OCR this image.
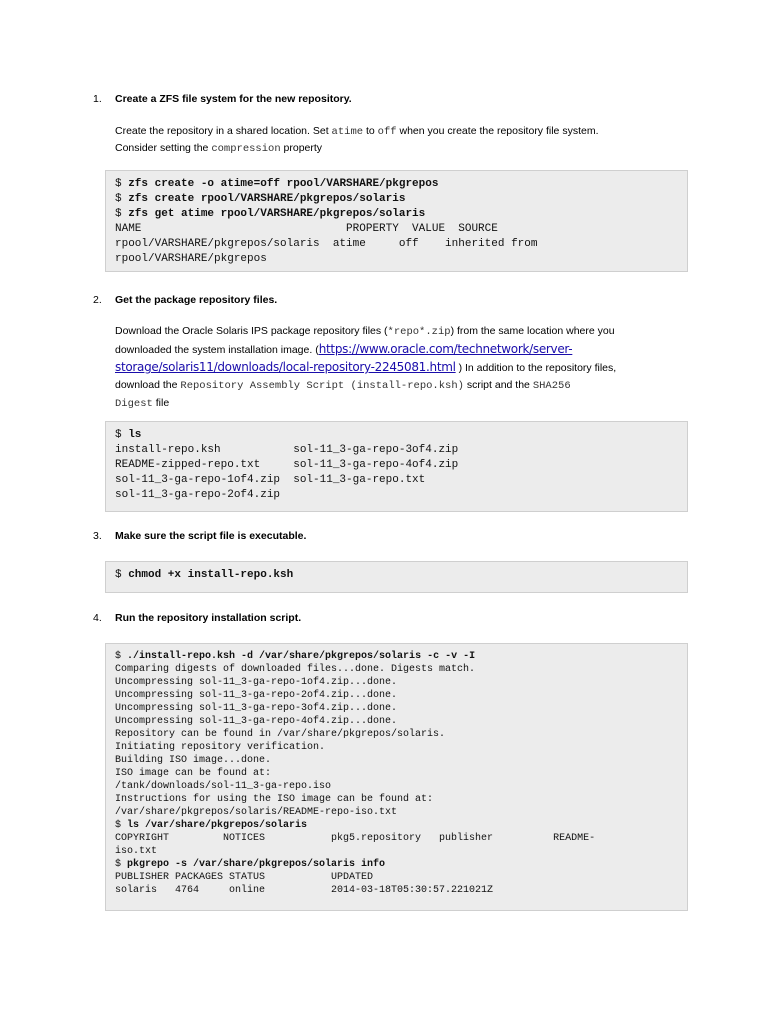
1. Create a ZFS file system for the new repository.
Create the repository in a shared location. Set atime to off when you create the repository file system.
Consider setting the compression property
$ zfs create -o atime=off rpool/VARSHARE/pkgrepos
$ zfs create rpool/VARSHARE/pkgrepos/solaris
$ zfs get atime rpool/VARSHARE/pkgrepos/solaris
NAME                               PROPERTY  VALUE  SOURCE
rpool/VARSHARE/pkgrepos/solaris  atime     off    inherited from
rpool/VARSHARE/pkgrepos
2. Get the package repository files.
Download the Oracle Solaris IPS package repository files (*repo*.zip) from the same location where you
downloaded the system installation image. (https://www.oracle.com/technetwork/server-
storage/solaris11/downloads/local-repository-2245081.html ) In addition to the repository files,
download the Repository Assembly Script (install-repo.ksh) script and the SHA256
Digest file
$ ls
install-repo.ksh           sol-11_3-ga-repo-3of4.zip
README-zipped-repo.txt     sol-11_3-ga-repo-4of4.zip
sol-11_3-ga-repo-1of4.zip  sol-11_3-ga-repo.txt
sol-11_3-ga-repo-2of4.zip
3. Make sure the script file is executable.
$ chmod +x install-repo.ksh
4. Run the repository installation script.
$ ./install-repo.ksh -d /var/share/pkgrepos/solaris -c -v -I
Comparing digests of downloaded files...done. Digests match.
Uncompressing sol-11_3-ga-repo-1of4.zip...done.
Uncompressing sol-11_3-ga-repo-2of4.zip...done.
Uncompressing sol-11_3-ga-repo-3of4.zip...done.
Uncompressing sol-11_3-ga-repo-4of4.zip...done.
Repository can be found in /var/share/pkgrepos/solaris.
Initiating repository verification.
Building ISO image...done.
ISO image can be found at:
/tank/downloads/sol-11_3-ga-repo.iso
Instructions for using the ISO image can be found at:
/var/share/pkgrepos/solaris/README-repo-iso.txt
$ ls /var/share/pkgrepos/solaris
COPYRIGHT         NOTICES           pkg5.repository   publisher          README-
iso.txt
$ pkgrepo -s /var/share/pkgrepos/solaris info
PUBLISHER PACKAGES STATUS           UPDATED
solaris   4764     online           2014-03-18T05:30:57.221021Z
